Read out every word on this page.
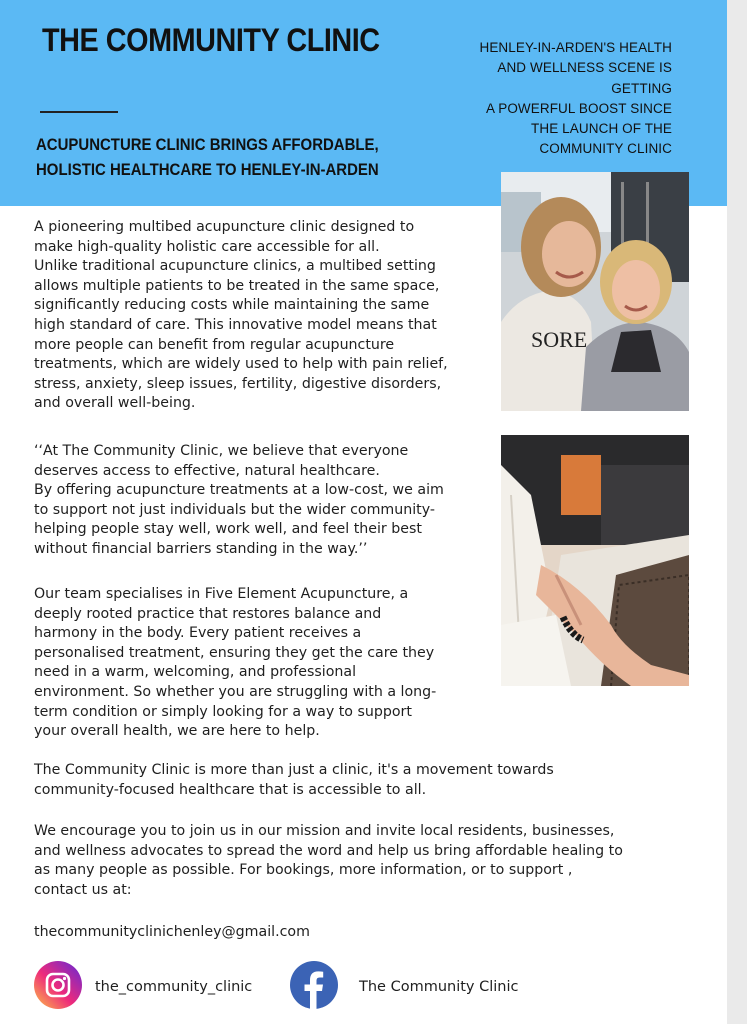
THE COMMUNITY CLINIC
ACUPUNCTURE CLINIC BRINGS AFFORDABLE,
HOLISTIC HEALTHCARE TO HENLEY-IN-ARDEN

HENLEY-IN-ARDEN'S HEALTH
AND WELLNESS SCENE IS
GETTING
A POWERFUL BOOST SINCE
THE LAUNCH OF THE
COMMUNITY CLINIC

SORE

A pioneering multibed acupuncture clinic designed to
make high-quality holistic care accessible for all.
Unlike traditional acupuncture clinics, a multibed setting
allows multiple patients to be treated in the same space,
significantly reducing costs while maintaining the same
high standard of care. This innovative model means that
more people can benefit from regular acupuncture
treatments, which are widely used to help with pain relief,
stress, anxiety, sleep issues, fertility, digestive disorders,
and overall well-being.

‘‘At The Community Clinic, we believe that everyone
deserves access to effective, natural healthcare.
By offering acupuncture treatments at a low-cost, we aim
to support not just individuals but the wider community-
helping people stay well, work well, and feel their best
without financial barriers standing in the way.’’

Our team specialises in Five Element Acupuncture, a
deeply rooted practice that restores balance and
harmony in the body. Every patient receives a
personalised treatment, ensuring they get the care they
need in a warm, welcoming, and professional
environment. So whether you are struggling with a long-
term condition or simply looking for a way to support
your overall health, we are here to help.

The Community Clinic is more than just a clinic, it's a movement towards
community-focused healthcare that is accessible to all.

We encourage you to join us in our mission and invite local residents, businesses,
and wellness advocates to spread the word and help us bring affordable healing to
as many people as possible. For bookings, more information, or to support ,
contact us at:

thecommunityclinichenley@gmail.com

the_community_clinic	The Community Clinic
